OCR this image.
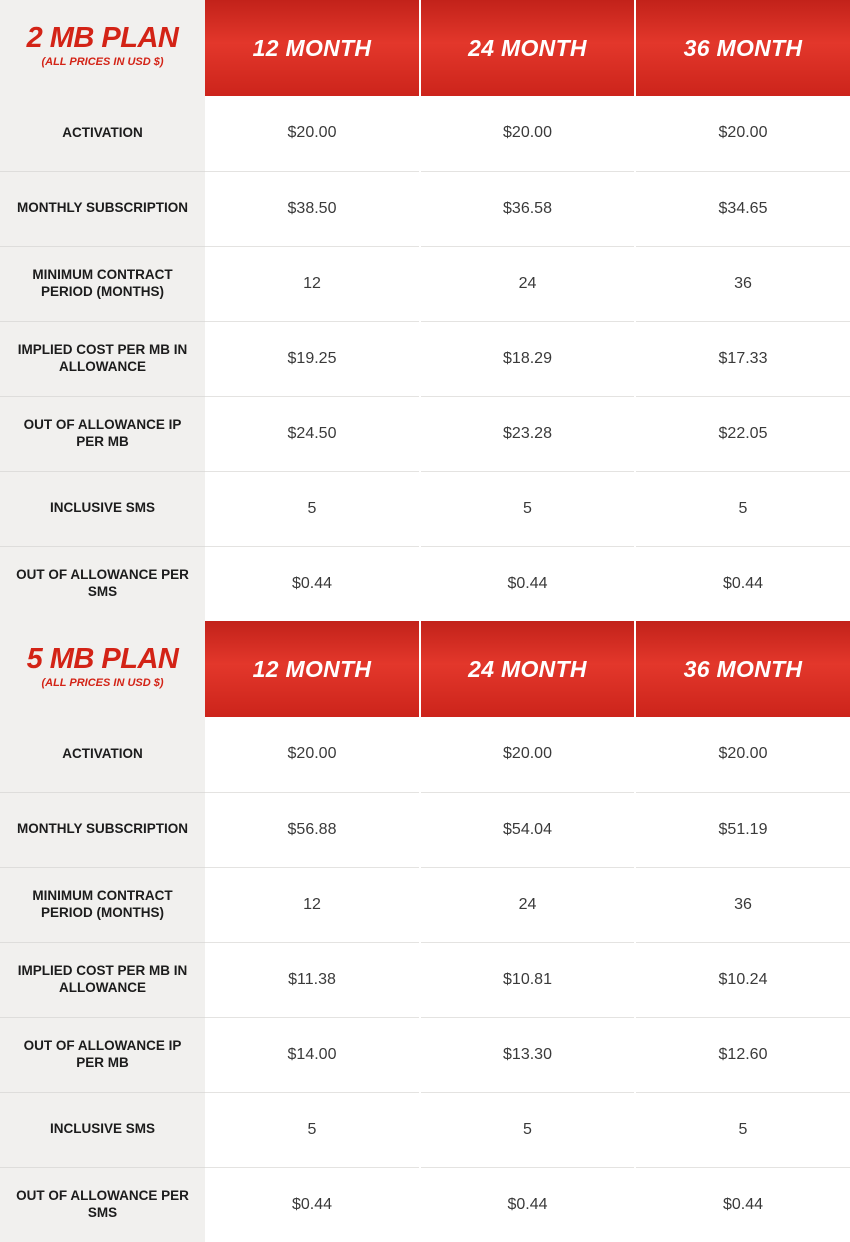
2 MB PLAN
(ALL PRICES IN USD $)	12 MONTH	24 MONTH	36 MONTH
ACTIVATION	$20.00	$20.00	$20.00
MONTHLY SUBSCRIPTION	$38.50	$36.58	$34.65
MINIMUM CONTRACT PERIOD (MONTHS)	12	24	36
IMPLIED COST PER MB IN ALLOWANCE	$19.25	$18.29	$17.33
OUT OF ALLOWANCE IP PER MB	$24.50	$23.28	$22.05
INCLUSIVE SMS	5	5	5
OUT OF ALLOWANCE PER SMS	$0.44	$0.44	$0.44
5 MB PLAN
(ALL PRICES IN USD $)	12 MONTH	24 MONTH	36 MONTH
ACTIVATION	$20.00	$20.00	$20.00
MONTHLY SUBSCRIPTION	$56.88	$54.04	$51.19
MINIMUM CONTRACT PERIOD (MONTHS)	12	24	36
IMPLIED COST PER MB IN ALLOWANCE	$11.38	$10.81	$10.24
OUT OF ALLOWANCE IP PER MB	$14.00	$13.30	$12.60
INCLUSIVE SMS	5	5	5
OUT OF ALLOWANCE PER SMS	$0.44	$0.44	$0.44
